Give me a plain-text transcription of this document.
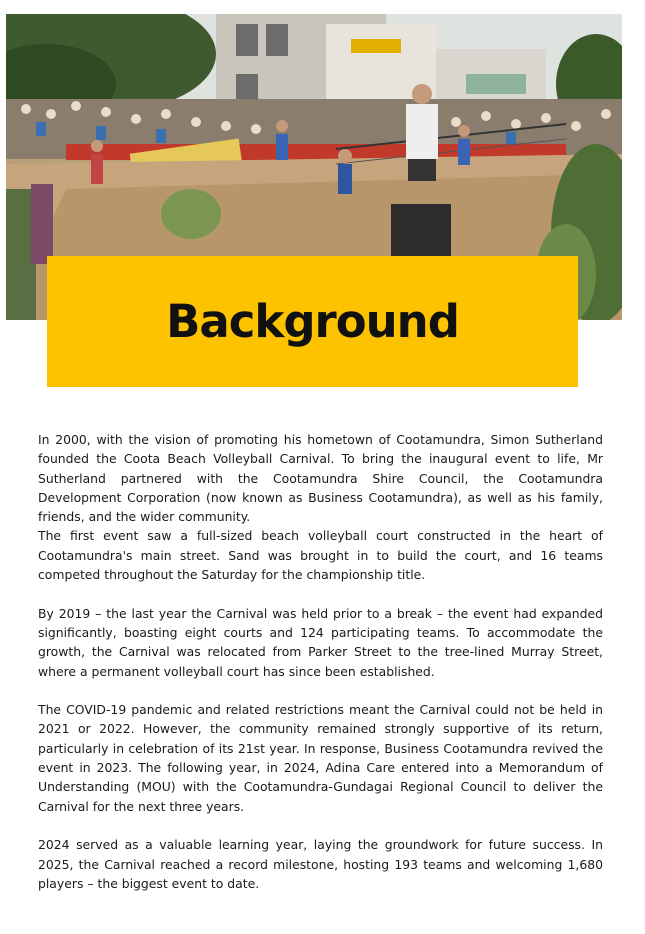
Background

In 2000, with the vision of promoting his hometown of Cootamundra, Simon Sutherland founded the Coota Beach Volleyball Carnival. To bring the inaugural event to life, Mr Sutherland partnered with the Cootamundra Shire Council, the Cootamundra Development Corporation (now known as Business Cootamundra), as well as his family, friends, and the wider community.

The first event saw a full-sized beach volleyball court constructed in the heart of Cootamundra's main street. Sand was brought in to build the court, and 16 teams competed throughout the Saturday for the championship title.

By 2019 – the last year the Carnival was held prior to a break – the event had expanded significantly, boasting eight courts and 124 participating teams. To accommodate the growth, the Carnival was relocated from Parker Street to the tree-lined Murray Street, where a permanent volleyball court has since been established.

The COVID-19 pandemic and related restrictions meant the Carnival could not be held in 2021 or 2022. However, the community remained strongly supportive of its return, particularly in celebration of its 21st year. In response, Business Cootamundra revived the event in 2023. The following year, in 2024, Adina Care entered into a Memorandum of Understanding (MOU) with the Cootamundra-Gundagai Regional Council to deliver the Carnival for the next three years.

2024 served as a valuable learning year, laying the groundwork for future success. In 2025, the Carnival reached a record milestone, hosting 193 teams and welcoming 1,680 players – the biggest event to date.
